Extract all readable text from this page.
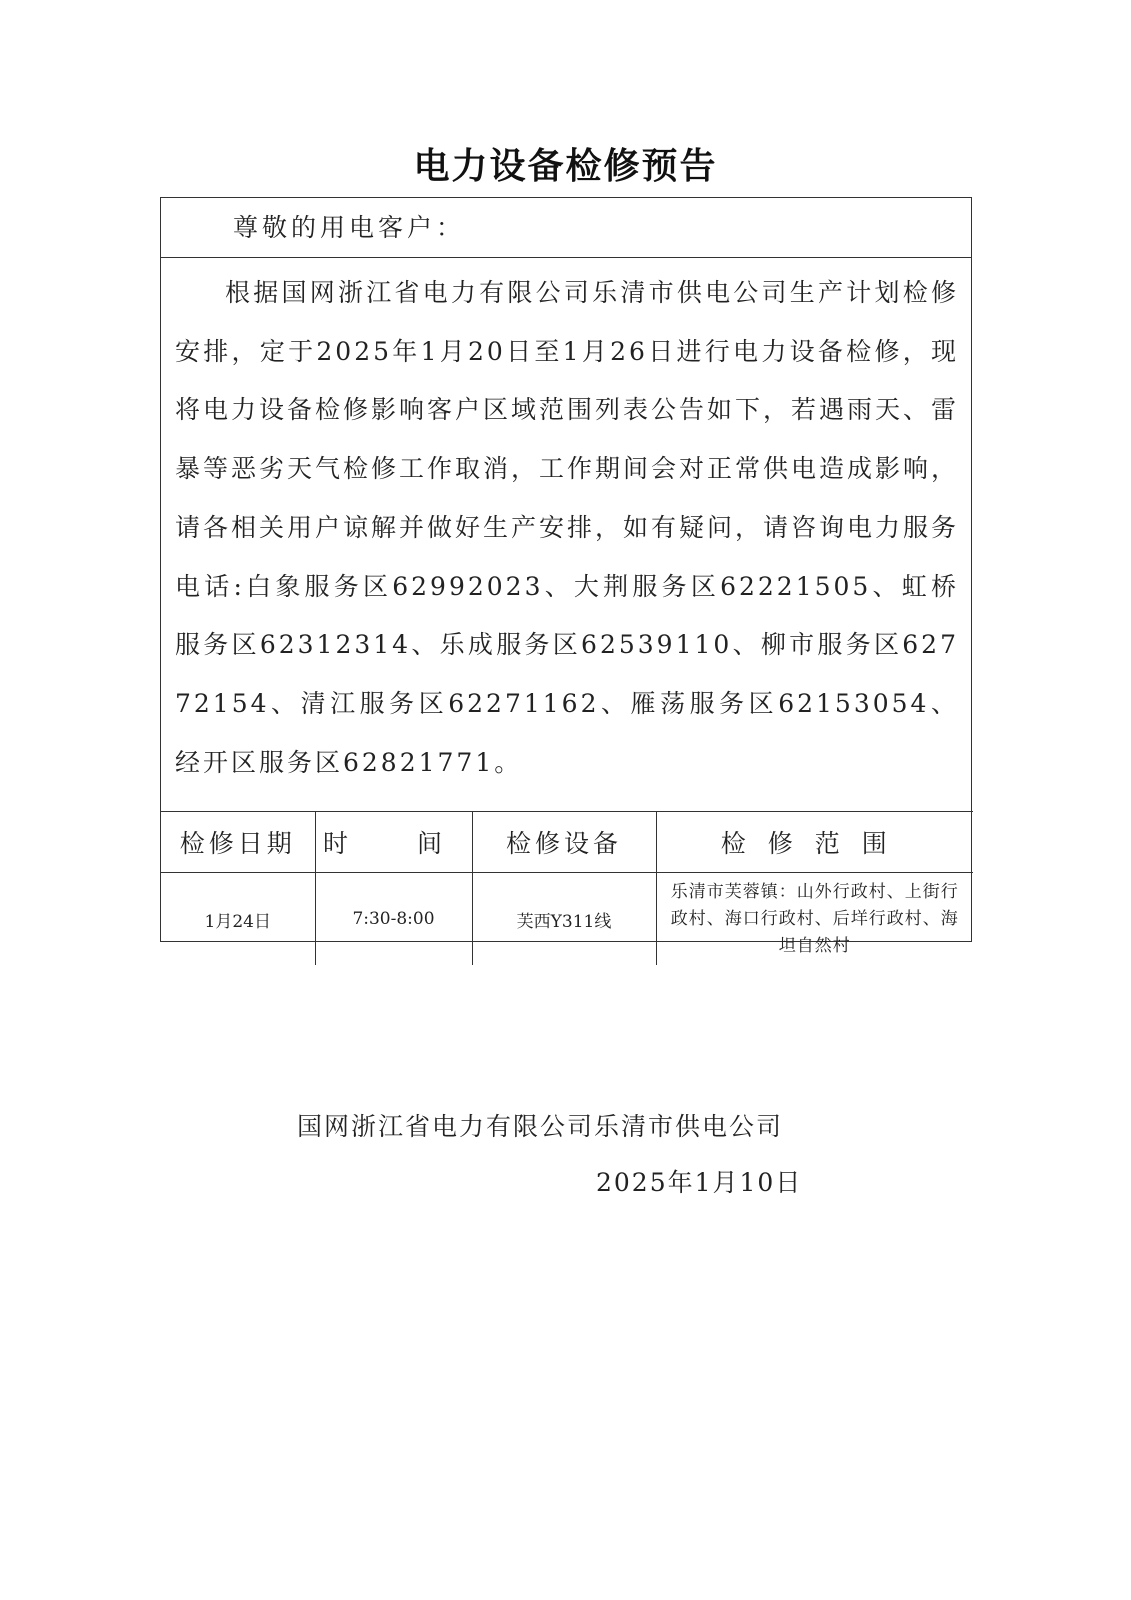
电力设备检修预告
尊敬的用电客户：
根据国网浙江省电力有限公司乐清市供电公司生产计划检修安排，定于2025年1月20日至1月26日进行电力设备检修，现将电力设备检修影响客户区域范围列表公告如下，若遇雨天、雷暴等恶劣天气检修工作取消，工作期间会对正常供电造成影响，请各相关用户谅解并做好生产安排，如有疑问，请咨询电力服务电话:白象服务区62992023、大荆服务区62221505、虹桥服务区62312314、乐成服务区62539110、柳市服务区62772154、清江服务区62271162、雁荡服务区62153054、经开区服务区62821771。
检修日期	时　间	检修设备	检修范围
1月24日	7:30-8:00	芙西Y311线	乐清市芙蓉镇：山外行政村、上街行政村、海口行政村、后垟行政村、海坦自然村
国网浙江省电力有限公司乐清市供电公司
2025年1月10日
